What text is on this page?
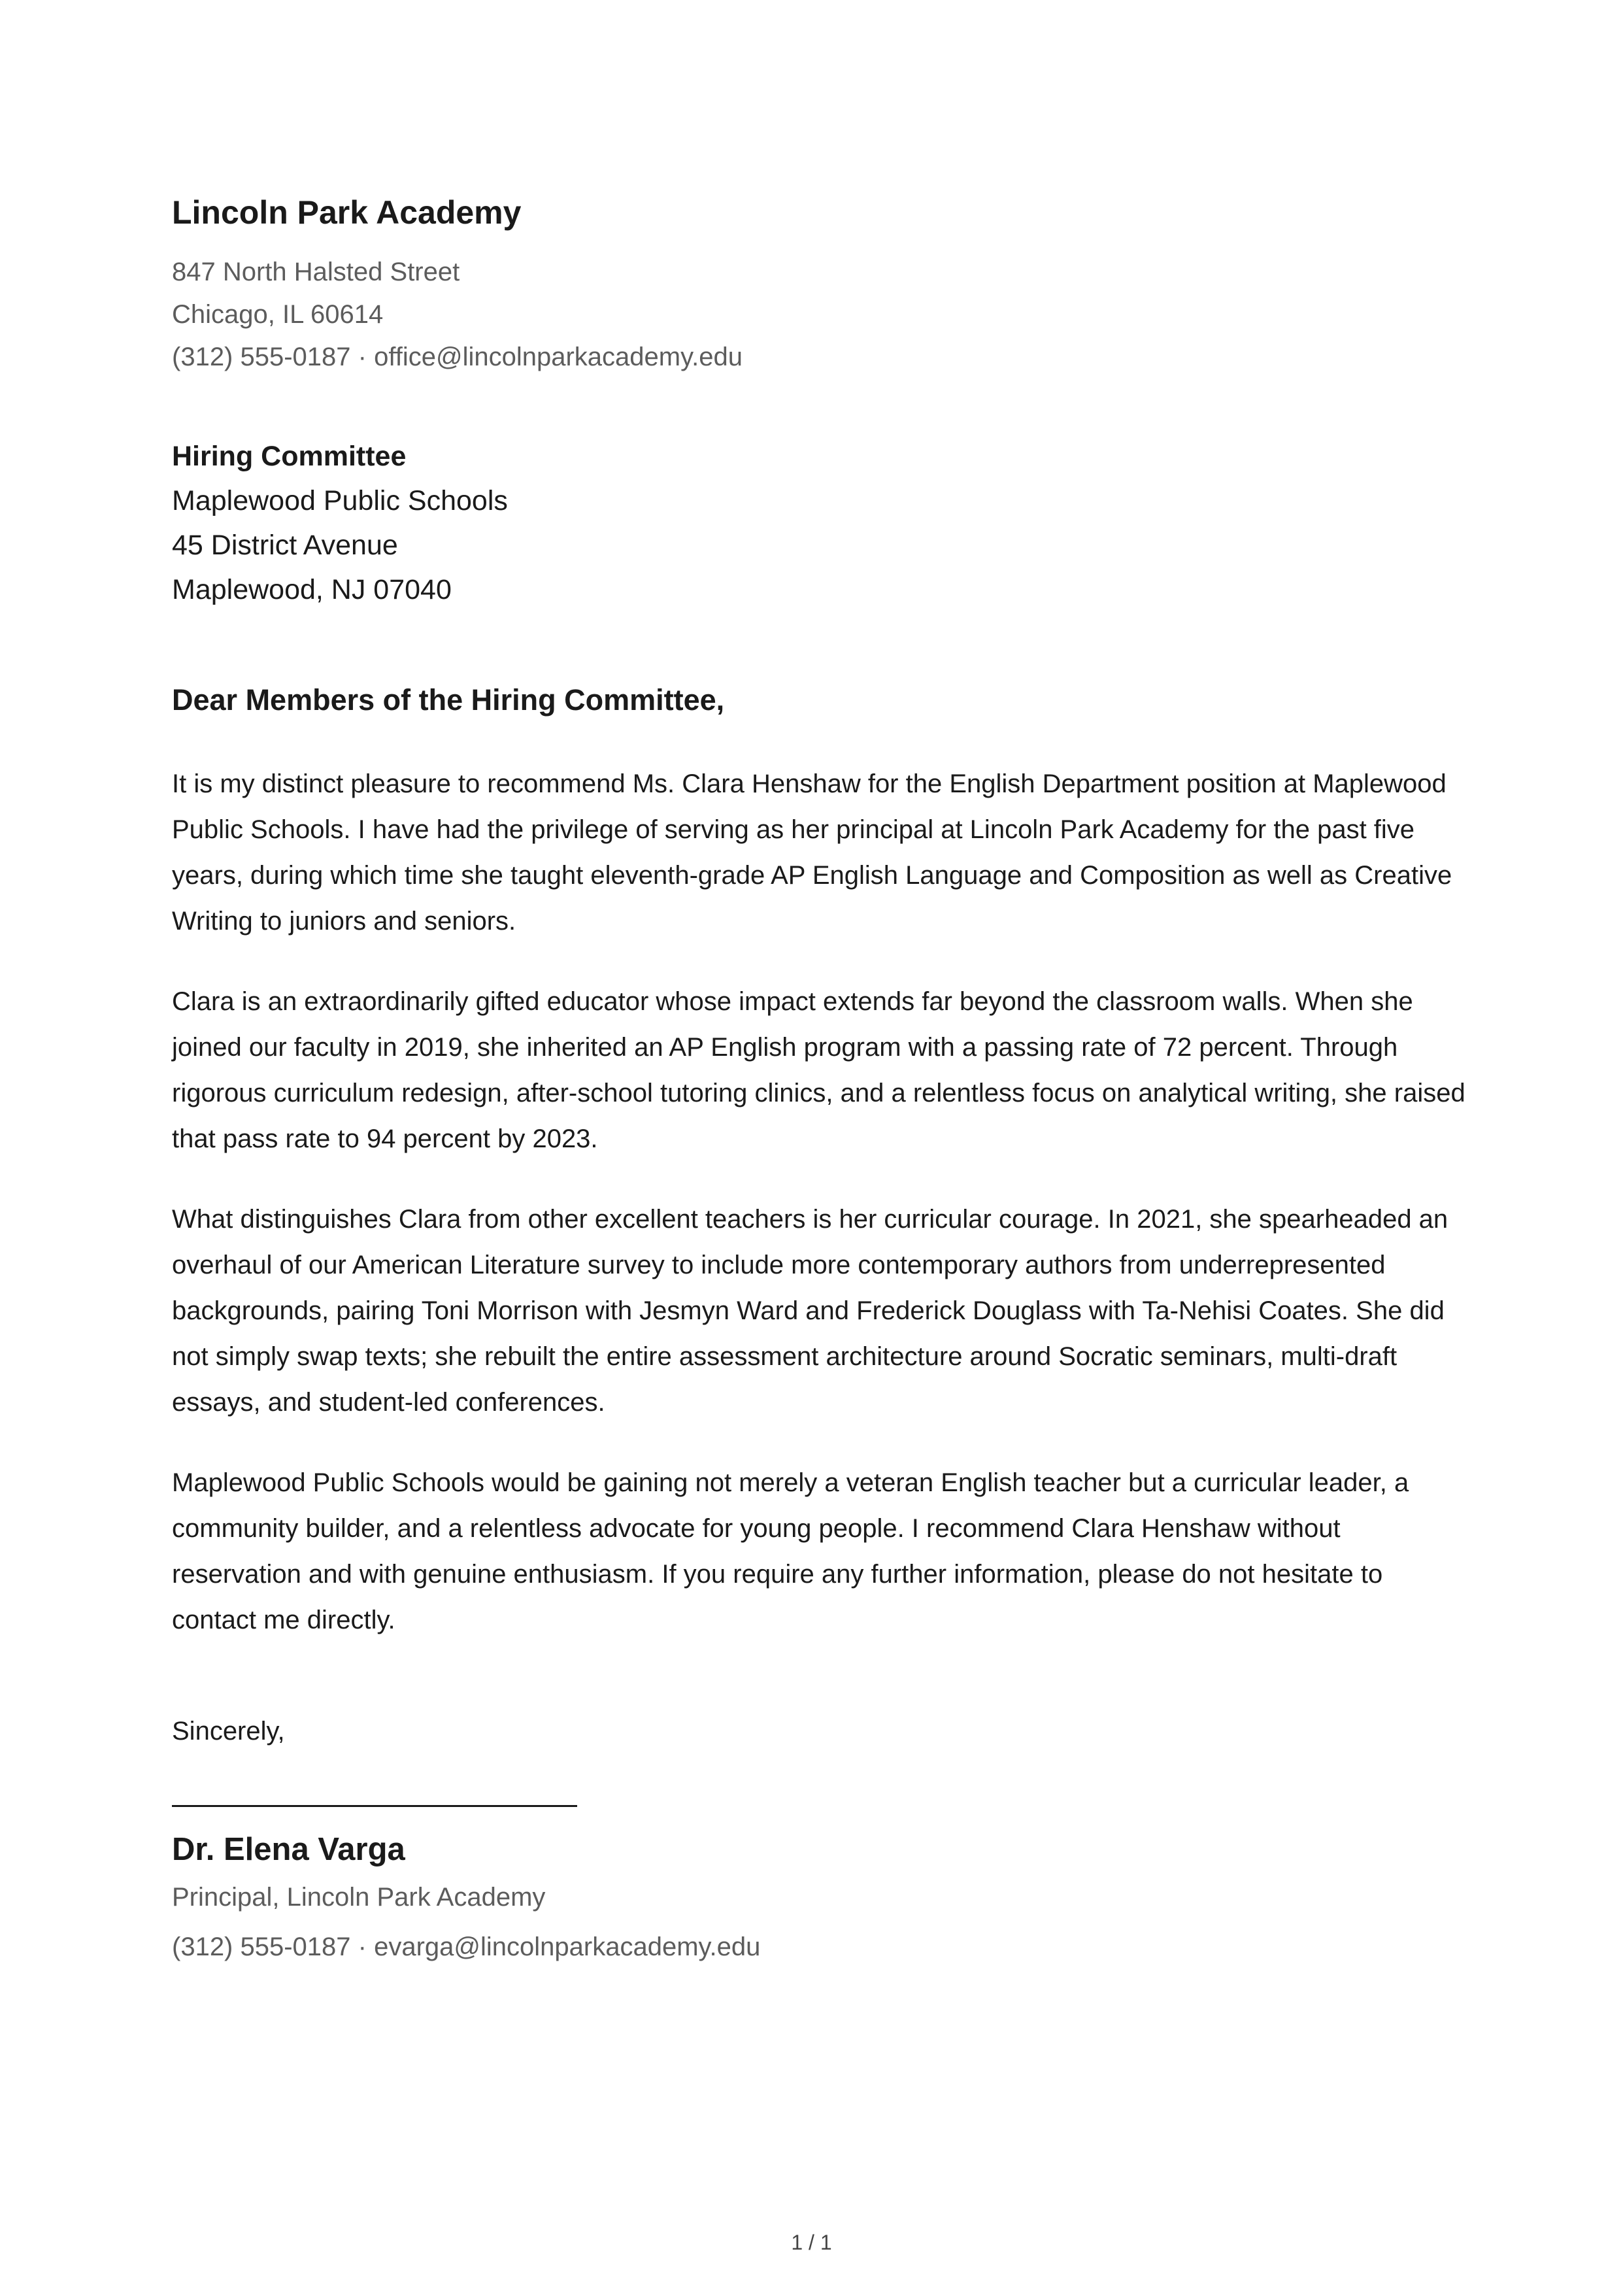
Lincoln Park Academy
847 North Halsted Street
Chicago, IL 60614
(312) 555-0187 · office@lincolnparkacademy.edu
Hiring Committee
Maplewood Public Schools
45 District Avenue
Maplewood, NJ 07040
Dear Members of the Hiring Committee,

It is my distinct pleasure to recommend Ms. Clara Henshaw for the English Department position at Maplewood Public Schools. I have had the privilege of serving as her principal at Lincoln Park Academy for the past five years, during which time she taught eleventh-grade AP English Language and Composition as well as Creative Writing to juniors and seniors.

Clara is an extraordinarily gifted educator whose impact extends far beyond the classroom walls. When she joined our faculty in 2019, she inherited an AP English program with a passing rate of 72 percent. Through rigorous curriculum redesign, after-school tutoring clinics, and a relentless focus on analytical writing, she raised that pass rate to 94 percent by 2023.

What distinguishes Clara from other excellent teachers is her curricular courage. In 2021, she spearheaded an overhaul of our American Literature survey to include more contemporary authors from underrepresented backgrounds, pairing Toni Morrison with Jesmyn Ward and Frederick Douglass with Ta-Nehisi Coates. She did not simply swap texts; she rebuilt the entire assessment architecture around Socratic seminars, multi-draft essays, and student-led conferences.

Maplewood Public Schools would be gaining not merely a veteran English teacher but a curricular leader, a community builder, and a relentless advocate for young people. I recommend Clara Henshaw without reservation and with genuine enthusiasm. If you require any further information, please do not hesitate to contact me directly.

Sincerely,
Dr. Elena Varga
Principal, Lincoln Park Academy
(312) 555-0187 · evarga@lincolnparkacademy.edu
1 / 1
